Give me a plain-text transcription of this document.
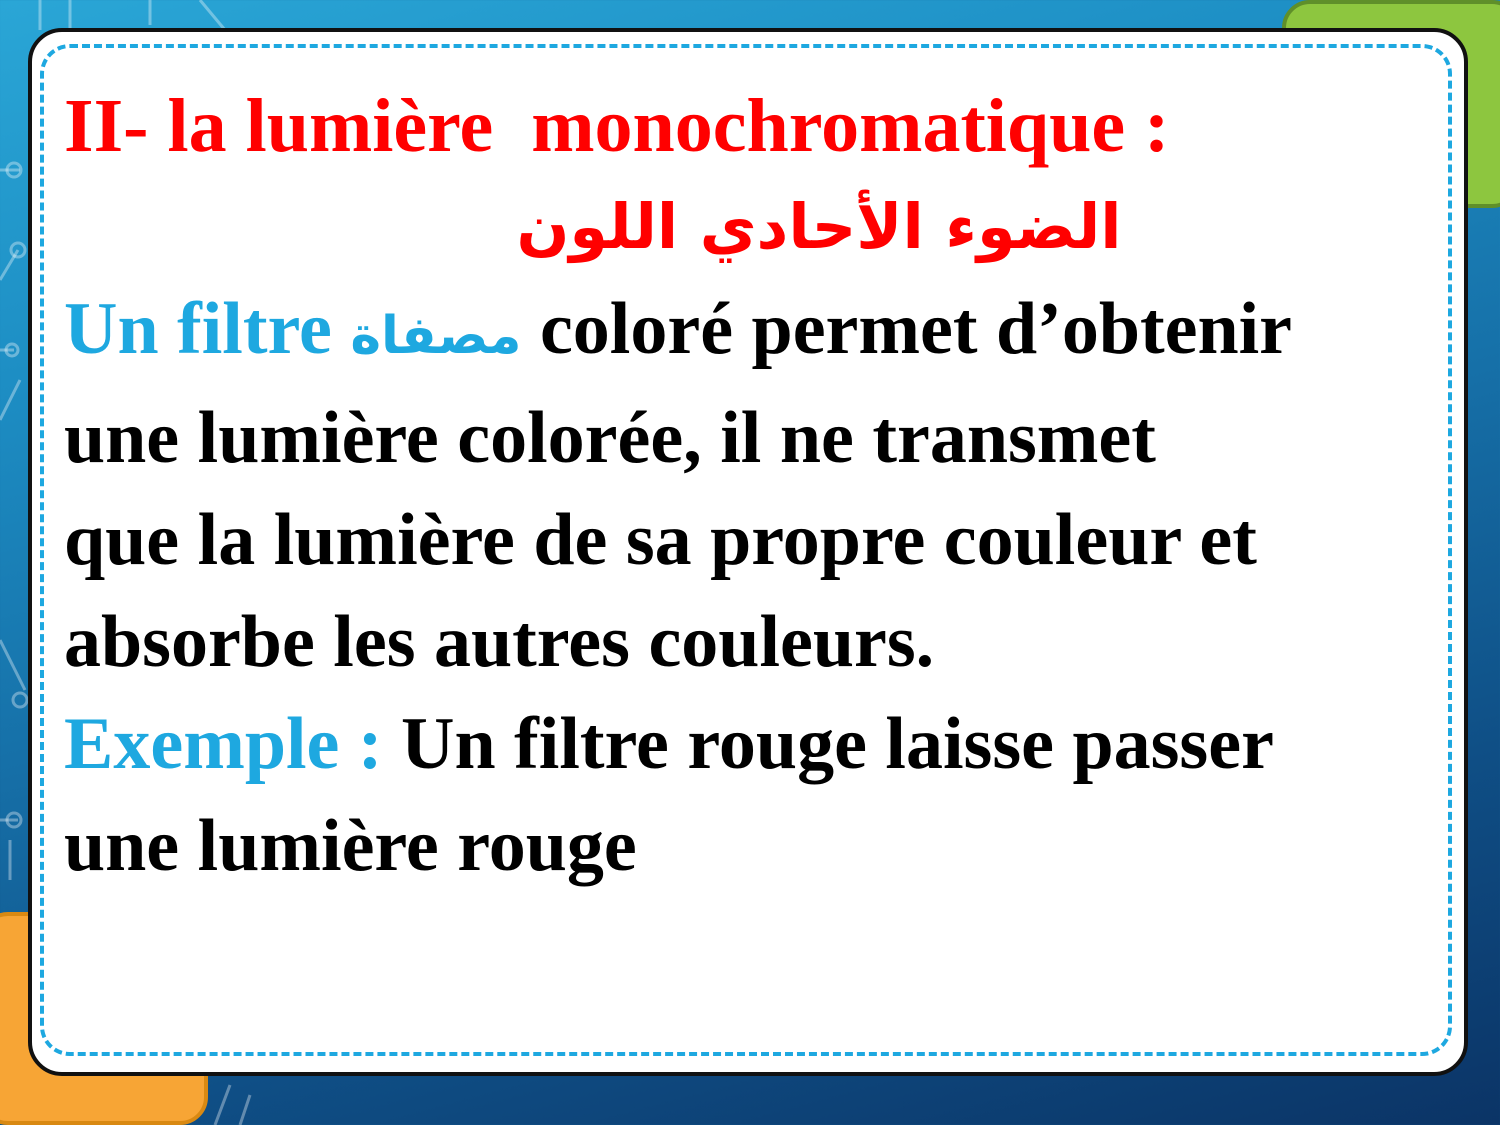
II- la lumière  monochromatique :

الضوء الأحادي اللون

Un filtre مصفاة coloré permet d’obtenir

une lumière colorée, il ne transmet

que la lumière de sa propre couleur et

absorbe les autres couleurs.

Exemple : Un filtre rouge laisse passer

une lumière rouge
